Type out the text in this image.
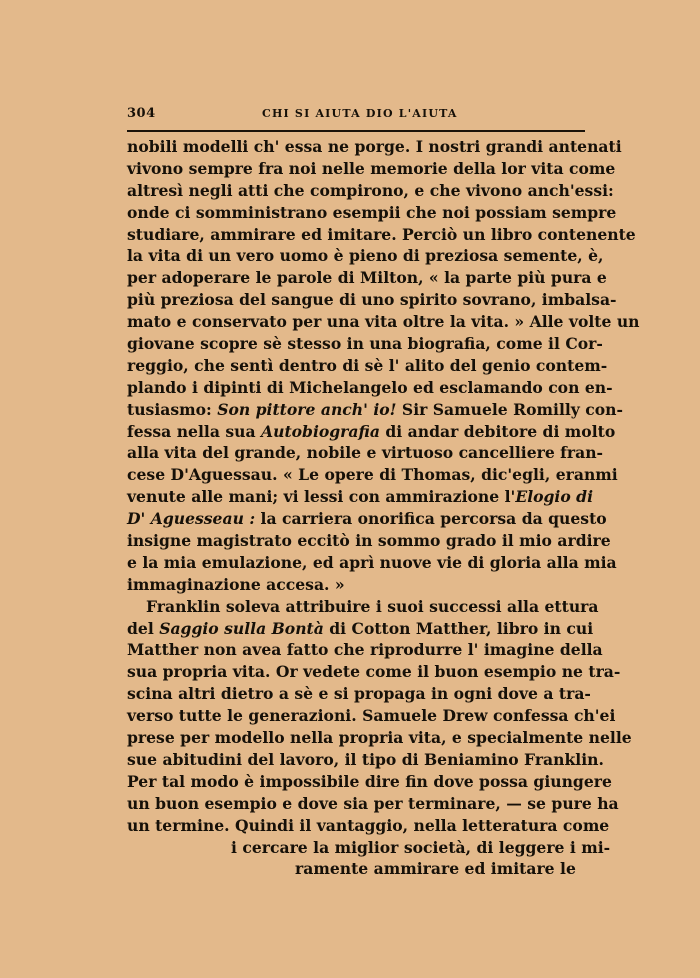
304	CHI SI AIUTA DIO L'AIUTA
nobili modelli ch' essa ne porge. I nostri grandi antenati
vivono sempre fra noi nelle memorie della lor vita come
altresì negli atti che compirono, e che vivono anch'essi:
onde ci somministrano esempii che noi possiam sempre
studiare, ammirare ed imitare. Perciò un libro contenente
la vita di un vero uomo è pieno di preziosa semente, è,
per adoperare le parole di Milton, « la parte più pura e
più preziosa del sangue di uno spirito sovrano, imbalsa-
mato e conservato per una vita oltre la vita. » Alle volte un
giovane scopre sè stesso in una biografia, come il Cor-
reggio, che sentì dentro di sè l' alito del genio contem-
plando i dipinti di Michelangelo ed esclamando con en-
tusiasmo: Son pittore anch' io! Sir Samuele Romilly con-
fessa nella sua Autobiografia di andar debitore di molto
alla vita del grande, nobile e virtuoso cancelliere fran-
cese D'Aguessau. « Le opere di Thomas, dic'egli, eranmi
venute alle mani; vi lessi con ammirazione l'Elogio di
D' Aguesseau : la carriera onorifica percorsa da questo
insigne magistrato eccitò in sommo grado il mio ardire
e la mia emulazione, ed aprì nuove vie di gloria alla mia
immaginazione accesa. »
Franklin soleva attribuire i suoi successi alla ettura
del Saggio sulla Bontà di Cotton Matther, libro in cui
Matther non avea fatto che riprodurre l' imagine della
sua propria vita. Or vedete come il buon esempio ne tra-
scina altri dietro a sè e si propaga in ogni dove a tra-
verso tutte le generazioni. Samuele Drew confessa ch'ei
prese per modello nella propria vita, e specialmente nelle
sue abitudini del lavoro, il tipo di Beniamino Franklin.
Per tal modo è impossibile dire fin dove possa giungere
un buon esempio e dove sia per terminare, — se pure ha
un termine. Quindi il vantaggio, nella letteratura come
i cercare la miglior società, di leggere i mi-
ramente ammirare ed imitare le
